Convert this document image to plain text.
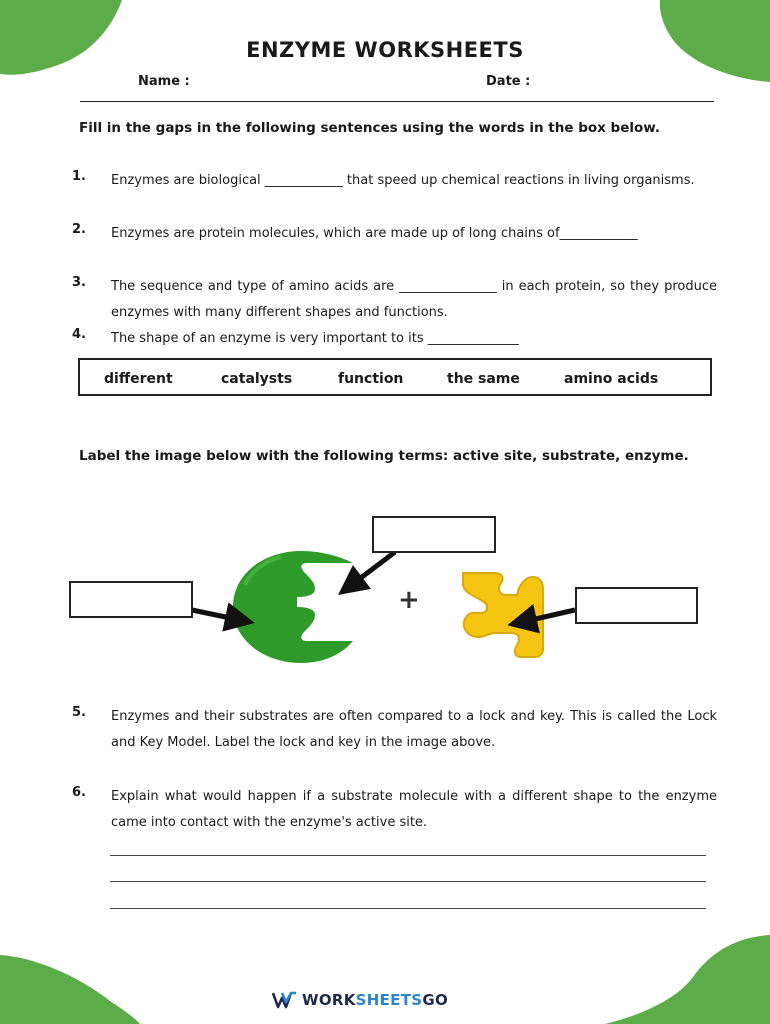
ENZYME WORKSHEETS
Name :	Date :
Fill in the gaps in the following sentences using the words in the box below.
1. Enzymes are biological ____________ that speed up chemical reactions in living organisms.
2. Enzymes are protein molecules, which are made up of long chains of____________
3. The sequence and type of amino acids are _______________ in each protein, so they produce enzymes with many different shapes and functions.
4. The shape of an enzyme is very important to its ______________
different	catalysts	function	the same	amino acids
Label the image below with the following terms: active site, substrate, enzyme.
+
5. Enzymes and their substrates are often compared to a lock and key. This is called the Lock and Key Model. Label the lock and key in the image above.
6. Explain what would happen if a substrate molecule with a different shape to the enzyme came into contact with the enzyme's active site.
WORKSHEETSGO
